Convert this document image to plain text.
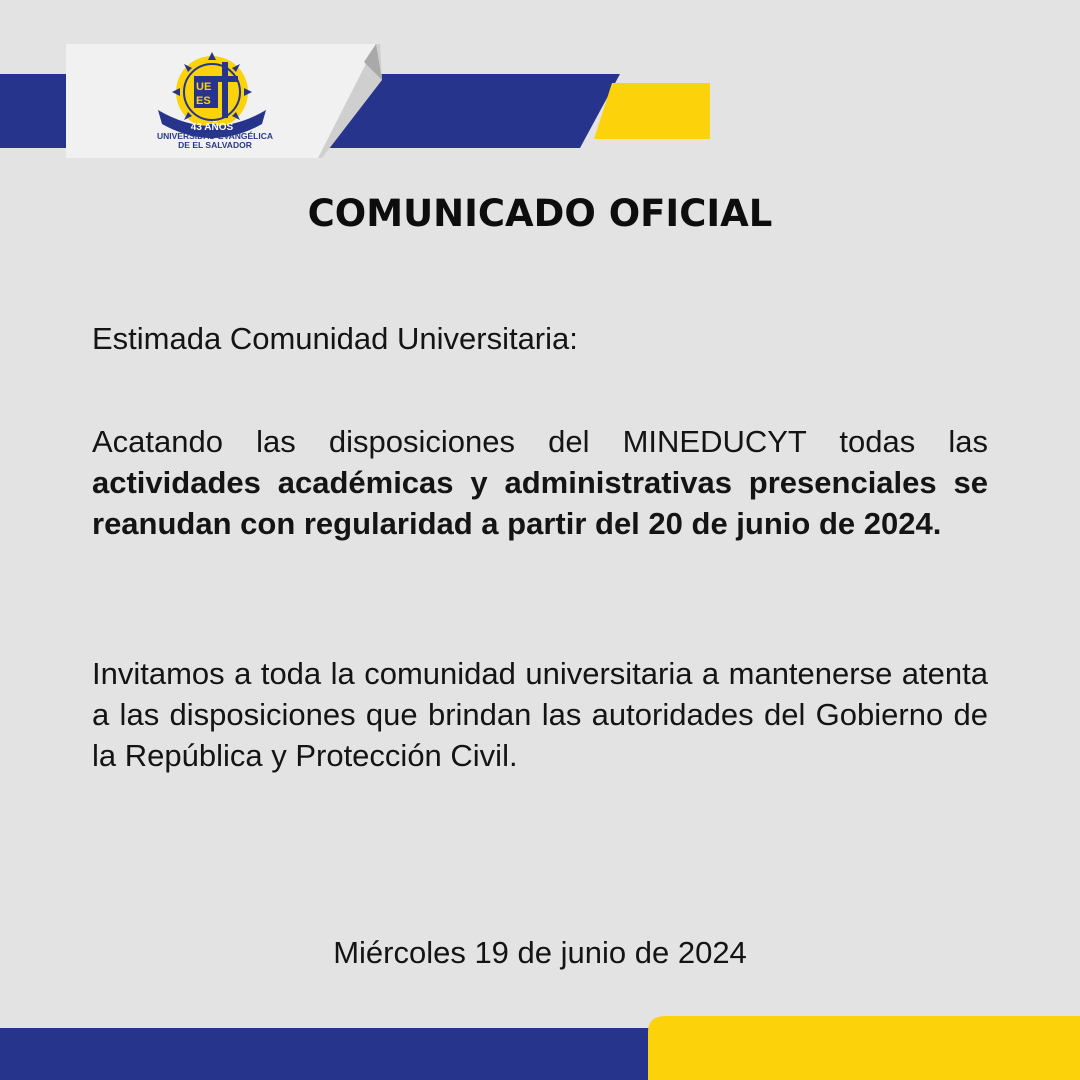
UE
ES
43 AÑOS
UNIVERSIDAD EVANGÉLICA
DE EL SALVADOR
COMUNICADO OFICIAL

Estimada Comunidad Universitaria:

Acatando las disposiciones del MINEDUCYT todas las actividades académicas y administrativas presenciales se reanudan con regularidad a partir del 20 de junio de 2024.

Invitamos a toda la comunidad universitaria a mantenerse atenta a las disposiciones que brindan las autoridades del Gobierno de la República y Protección Civil.

Miércoles 19 de junio de 2024
